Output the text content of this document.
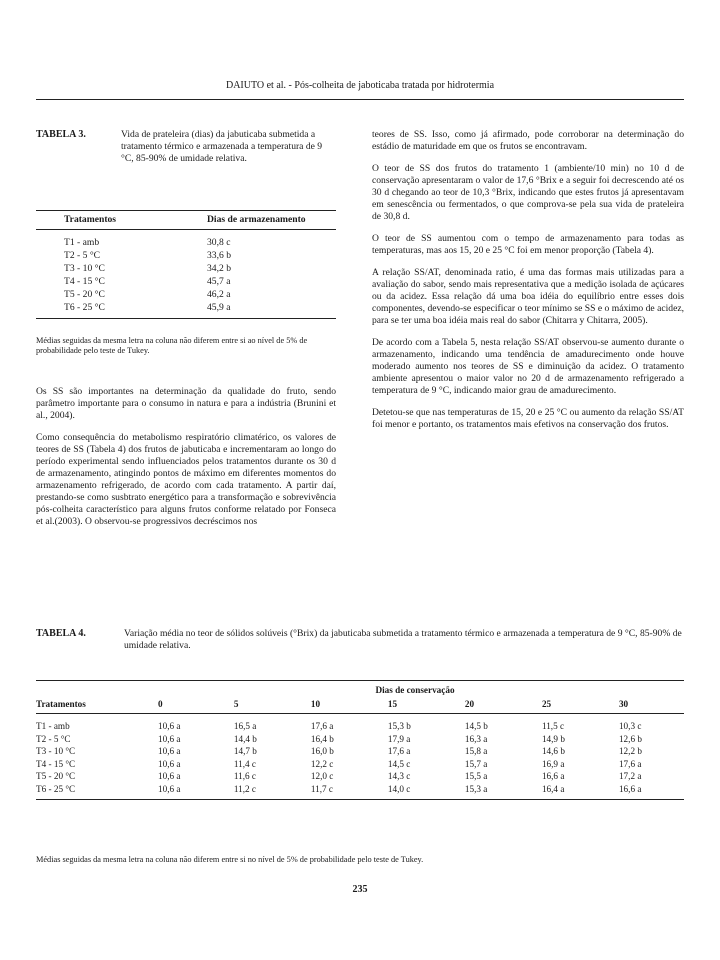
DAIUTO et al. - Pós-colheita de jaboticaba tratada por hidrotermia
TABELA 3.	Vida de prateleira (dias) da jabuticaba submetida a tratamento térmico e armazenada a temperatura de 9 °C, 85-90% de umidade relativa.
Tratamentos	Dias de armazenamento
T1 - amb	30,8 c
T2 - 5 °C	33,6 b
T3 - 10 °C	34,2 b
T4 - 15 °C	45,7 a
T5 - 20 °C	46,2 a
T6 - 25 °C	45,9 a
Médias seguidas da mesma letra na coluna não diferem entre si ao nível de 5% de probabilidade pelo teste de Tukey.

Os SS são importantes na determinação da qualidade do fruto, sendo parâmetro importante para o consumo in natura e para a indústria (Brunini et al., 2004).

Como consequência do metabolismo respiratório climatérico, os valores de teores de SS (Tabela 4) dos frutos de jabuticaba e incrementaram ao longo do período experimental sendo influenciados pelos tratamentos durante os 30 d de armazenamento, atingindo pontos de máximo em diferentes momentos do armazenamento refrigerado, de acordo com cada tratamento. A partir daí, prestando-se como susbtrato energético para a transformação e sobrevivência pós-colheita característico para alguns frutos conforme relatado por Fonseca et al.(2003). O observou-se progressivos decréscimos nos

teores de SS. Isso, como já afirmado, pode corroborar na determinação do estádio de maturidade em que os frutos se encontravam.

O teor de SS dos frutos do tratamento 1 (ambiente/10 min) no 10 d de conservação apresentaram o valor de 17,6 °Brix e a seguir foi decrescendo até os 30 d chegando ao teor de 10,3 °Brix, indicando que estes frutos já apresentavam em senescência ou fermentados, o que comprova-se pela sua vida de prateleira de 30,8 d.

O teor de SS aumentou com o tempo de armazenamento para todas as temperaturas, mas aos 15, 20 e 25 °C foi em menor proporção (Tabela 4).

A relação SS/AT, denominada ratio, é uma das formas mais utilizadas para a avaliação do sabor, sendo mais representativa que a medição isolada de açúcares ou da acidez. Essa relação dá uma boa idéia do equilíbrio entre esses dois componentes, devendo-se especificar o teor mínimo se SS e o máximo de acidez, para se ter uma boa idéia mais real do sabor (Chitarra y Chitarra, 2005).

De acordo com a Tabela 5, nesta relação SS/AT observou-se aumento durante o armazenamento, indicando uma tendência de amadurecimento onde houve moderado aumento nos teores de SS e diminuição da acidez. O tratamento ambiente apresentou o maior valor no 20 d de armazenamento refrigerado a temperatura de 9 °C, indicando maior grau de amadurecimento.

Detetou-se que nas temperaturas de 15, 20 e 25 °C ou aumento da relação SS/AT foi menor e portanto, os tratamentos mais efetivos na conservação dos frutos.

TABELA 4.	Variação média no teor de sólidos solúveis (°Brix) da jabuticaba submetida a tratamento térmico e armazenada a temperatura de 9 °C, 85-90% de umidade relativa.
	Dias de conservação						
Tratamentos	0	5	10	15	20	25	30
T1 - amb	10,6 a	16,5 a	17,6 a	15,3 b	14,5 b	11,5 c	10,3 c
T2 - 5 °C	10,6 a	14,4 b	16,4 b	17,9 a	16,3 a	14,9 b	12,6 b
T3 - 10 °C	10,6 a	14,7 b	16,0 b	17,6 a	15,8 a	14,6 b	12,2 b
T4 - 15 °C	10,6 a	11,4 c	12,2 c	14,5 c	15,7 a	16,9 a	17,6 a
T5 - 20 °C	10,6 a	11,6 c	12,0 c	14,3 c	15,5 a	16,6 a	17,2 a
T6 - 25 °C	10,6 a	11,2 c	11,7 c	14,0 c	15,3 a	16,4 a	16,6 a
Médias seguidas da mesma letra na coluna não diferem entre si no nível de 5% de probabilidade pelo teste de Tukey.
235
